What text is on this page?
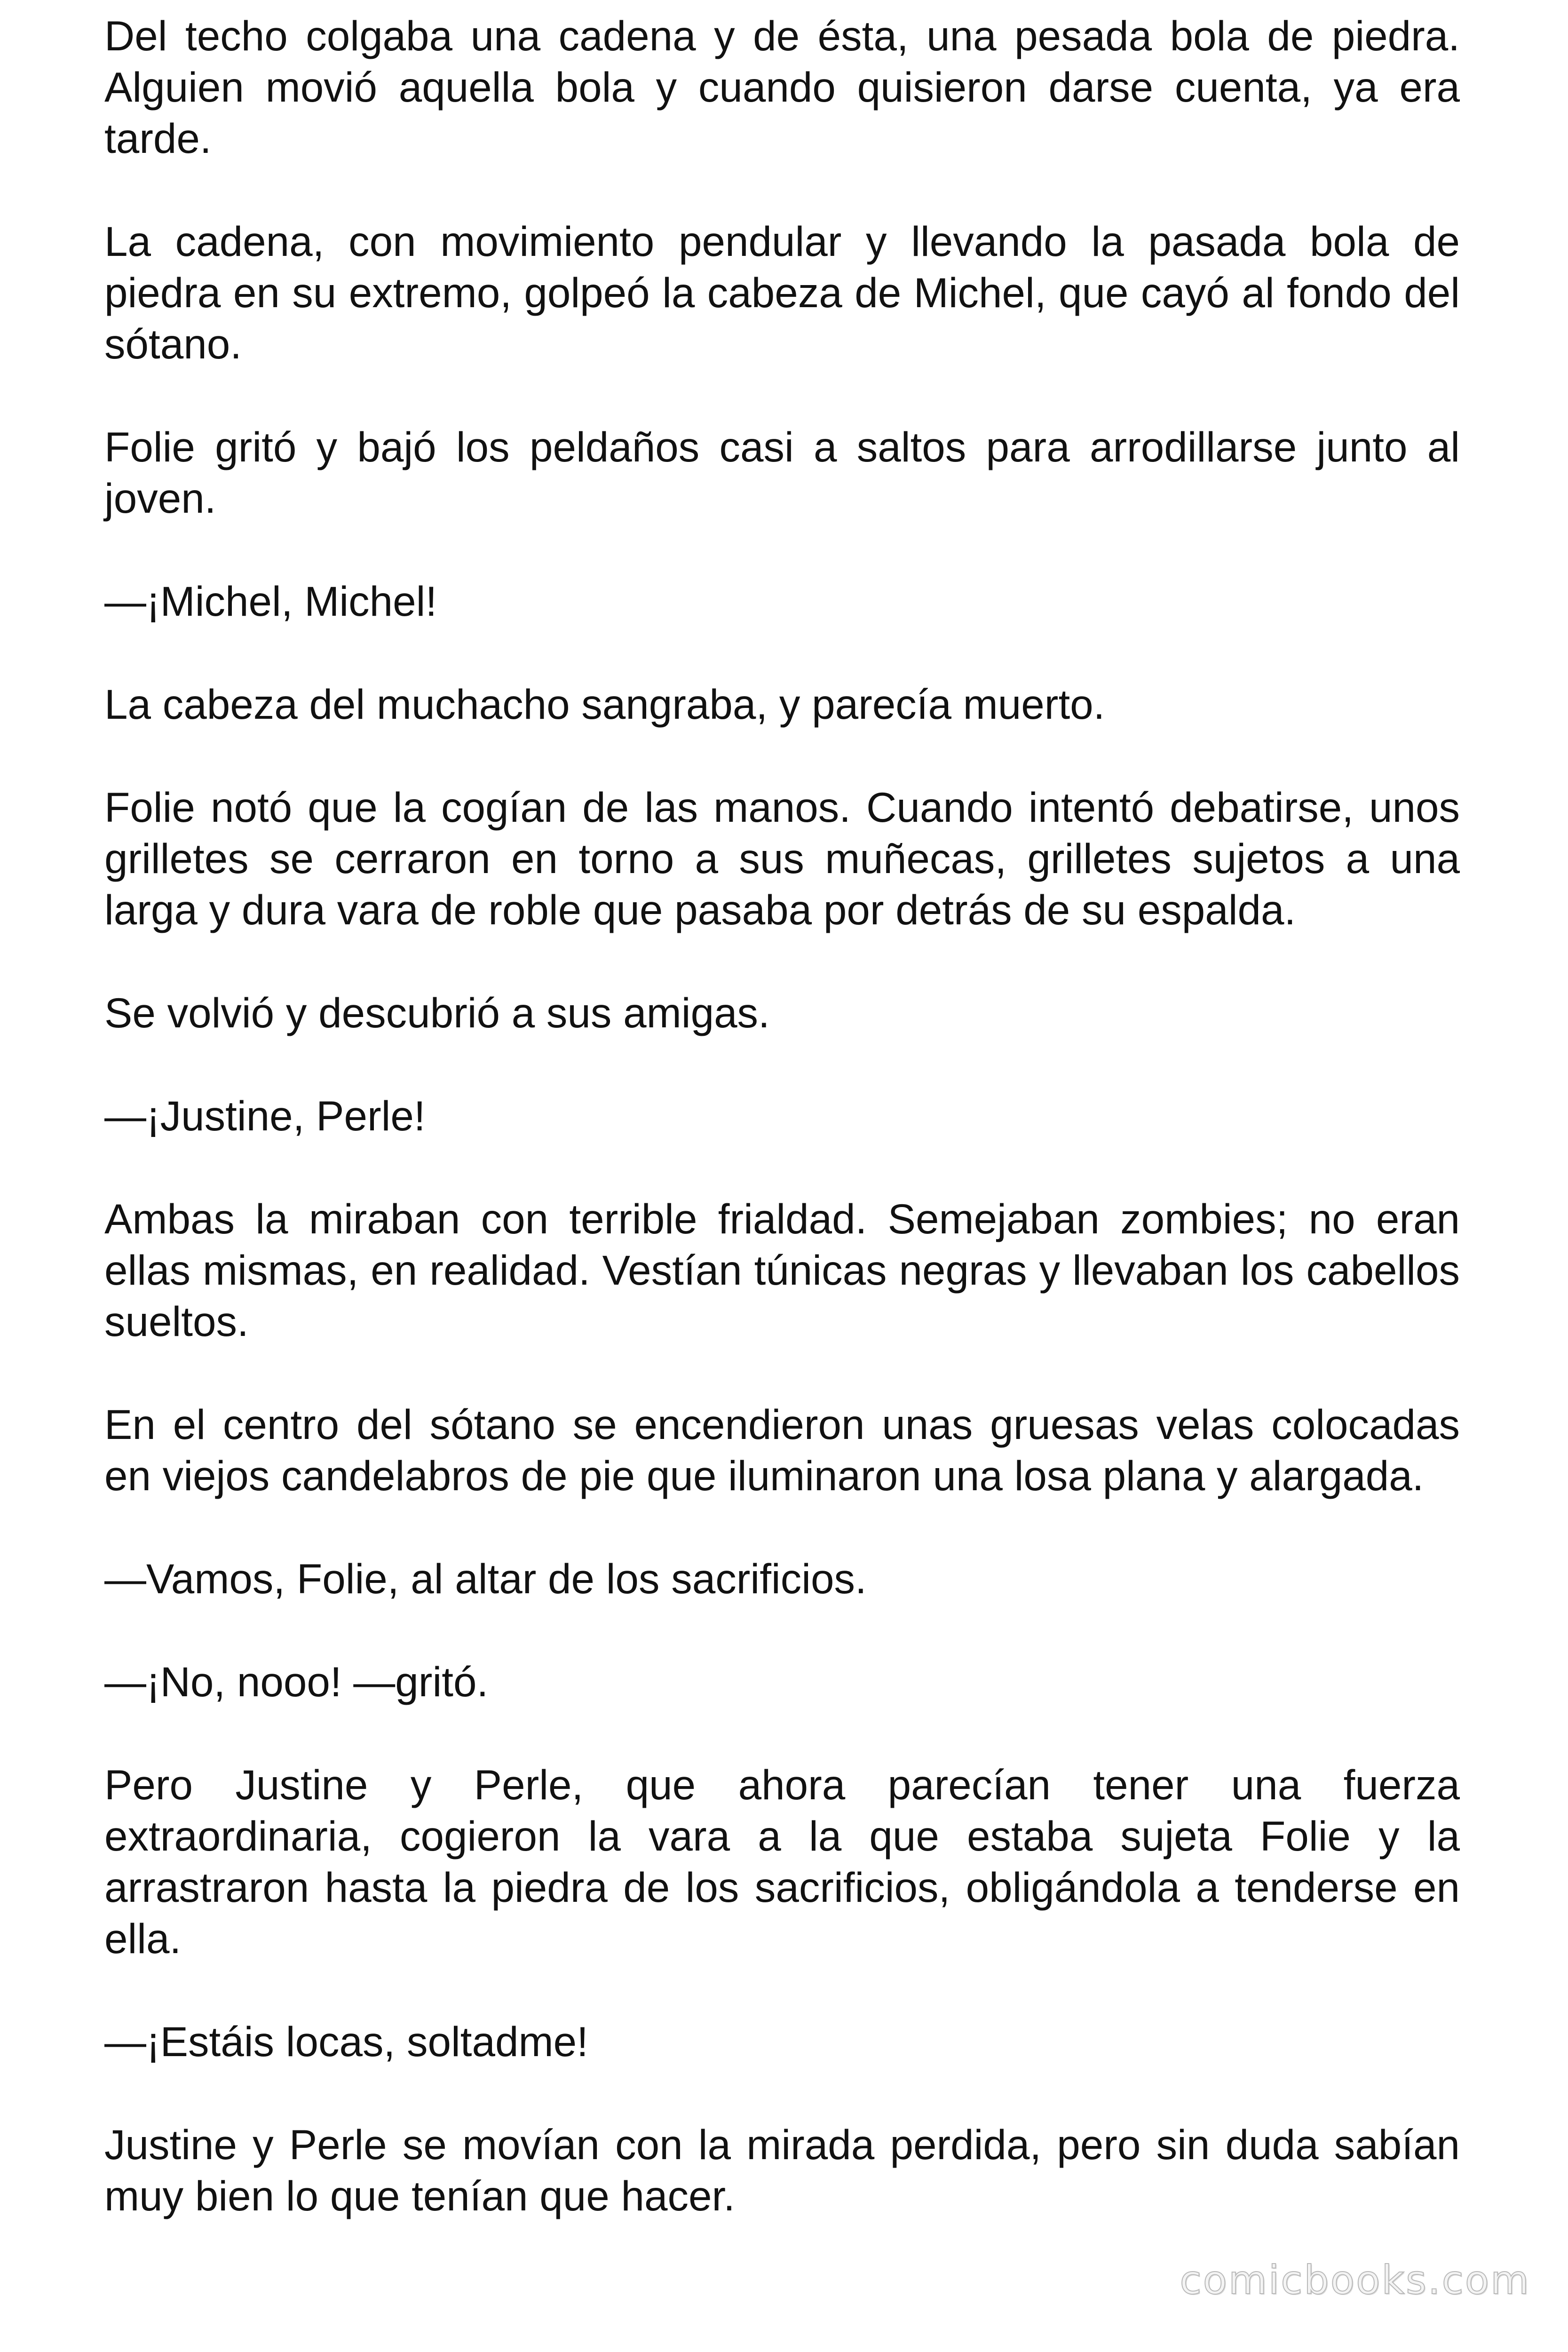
Del techo colgaba una cadena y de ésta, una pesada bola de piedra. Alguien movió aquella bola y cuando quisieron darse cuenta, ya era tarde.

La cadena, con movimiento pendular y llevando la pasada bola de piedra en su extremo, golpeó la cabeza de Michel, que cayó al fondo del sótano.

Folie gritó y bajó los peldaños casi a saltos para arrodillarse junto al joven.

—¡Michel, Michel!

La cabeza del muchacho sangraba, y parecía muerto.

Folie notó que la cogían de las manos. Cuando intentó debatirse, unos grilletes se cerraron en torno a sus muñecas, grilletes sujetos a una larga y dura vara de roble que pasaba por detrás de su espalda.

Se volvió y descubrió a sus amigas.

—¡Justine, Perle!

Ambas la miraban con terrible frialdad. Semejaban zombies; no eran ellas mismas, en realidad. Vestían túnicas negras y llevaban los cabellos sueltos.

En el centro del sótano se encendieron unas gruesas velas colocadas en viejos candelabros de pie que iluminaron una losa plana y alargada.

—Vamos, Folie, al altar de los sacrificios.

—¡No, nooo! —gritó.

Pero Justine y Perle, que ahora parecían tener una fuerza extraordinaria, cogieron la vara a la que estaba sujeta Folie y la arrastraron hasta la piedra de los sacrificios, obligándola a tenderse en ella.

—¡Estáis locas, soltadme!

Justine y Perle se movían con la mirada perdida, pero sin duda sabían muy bien lo que tenían que hacer.

comicbooks.com
